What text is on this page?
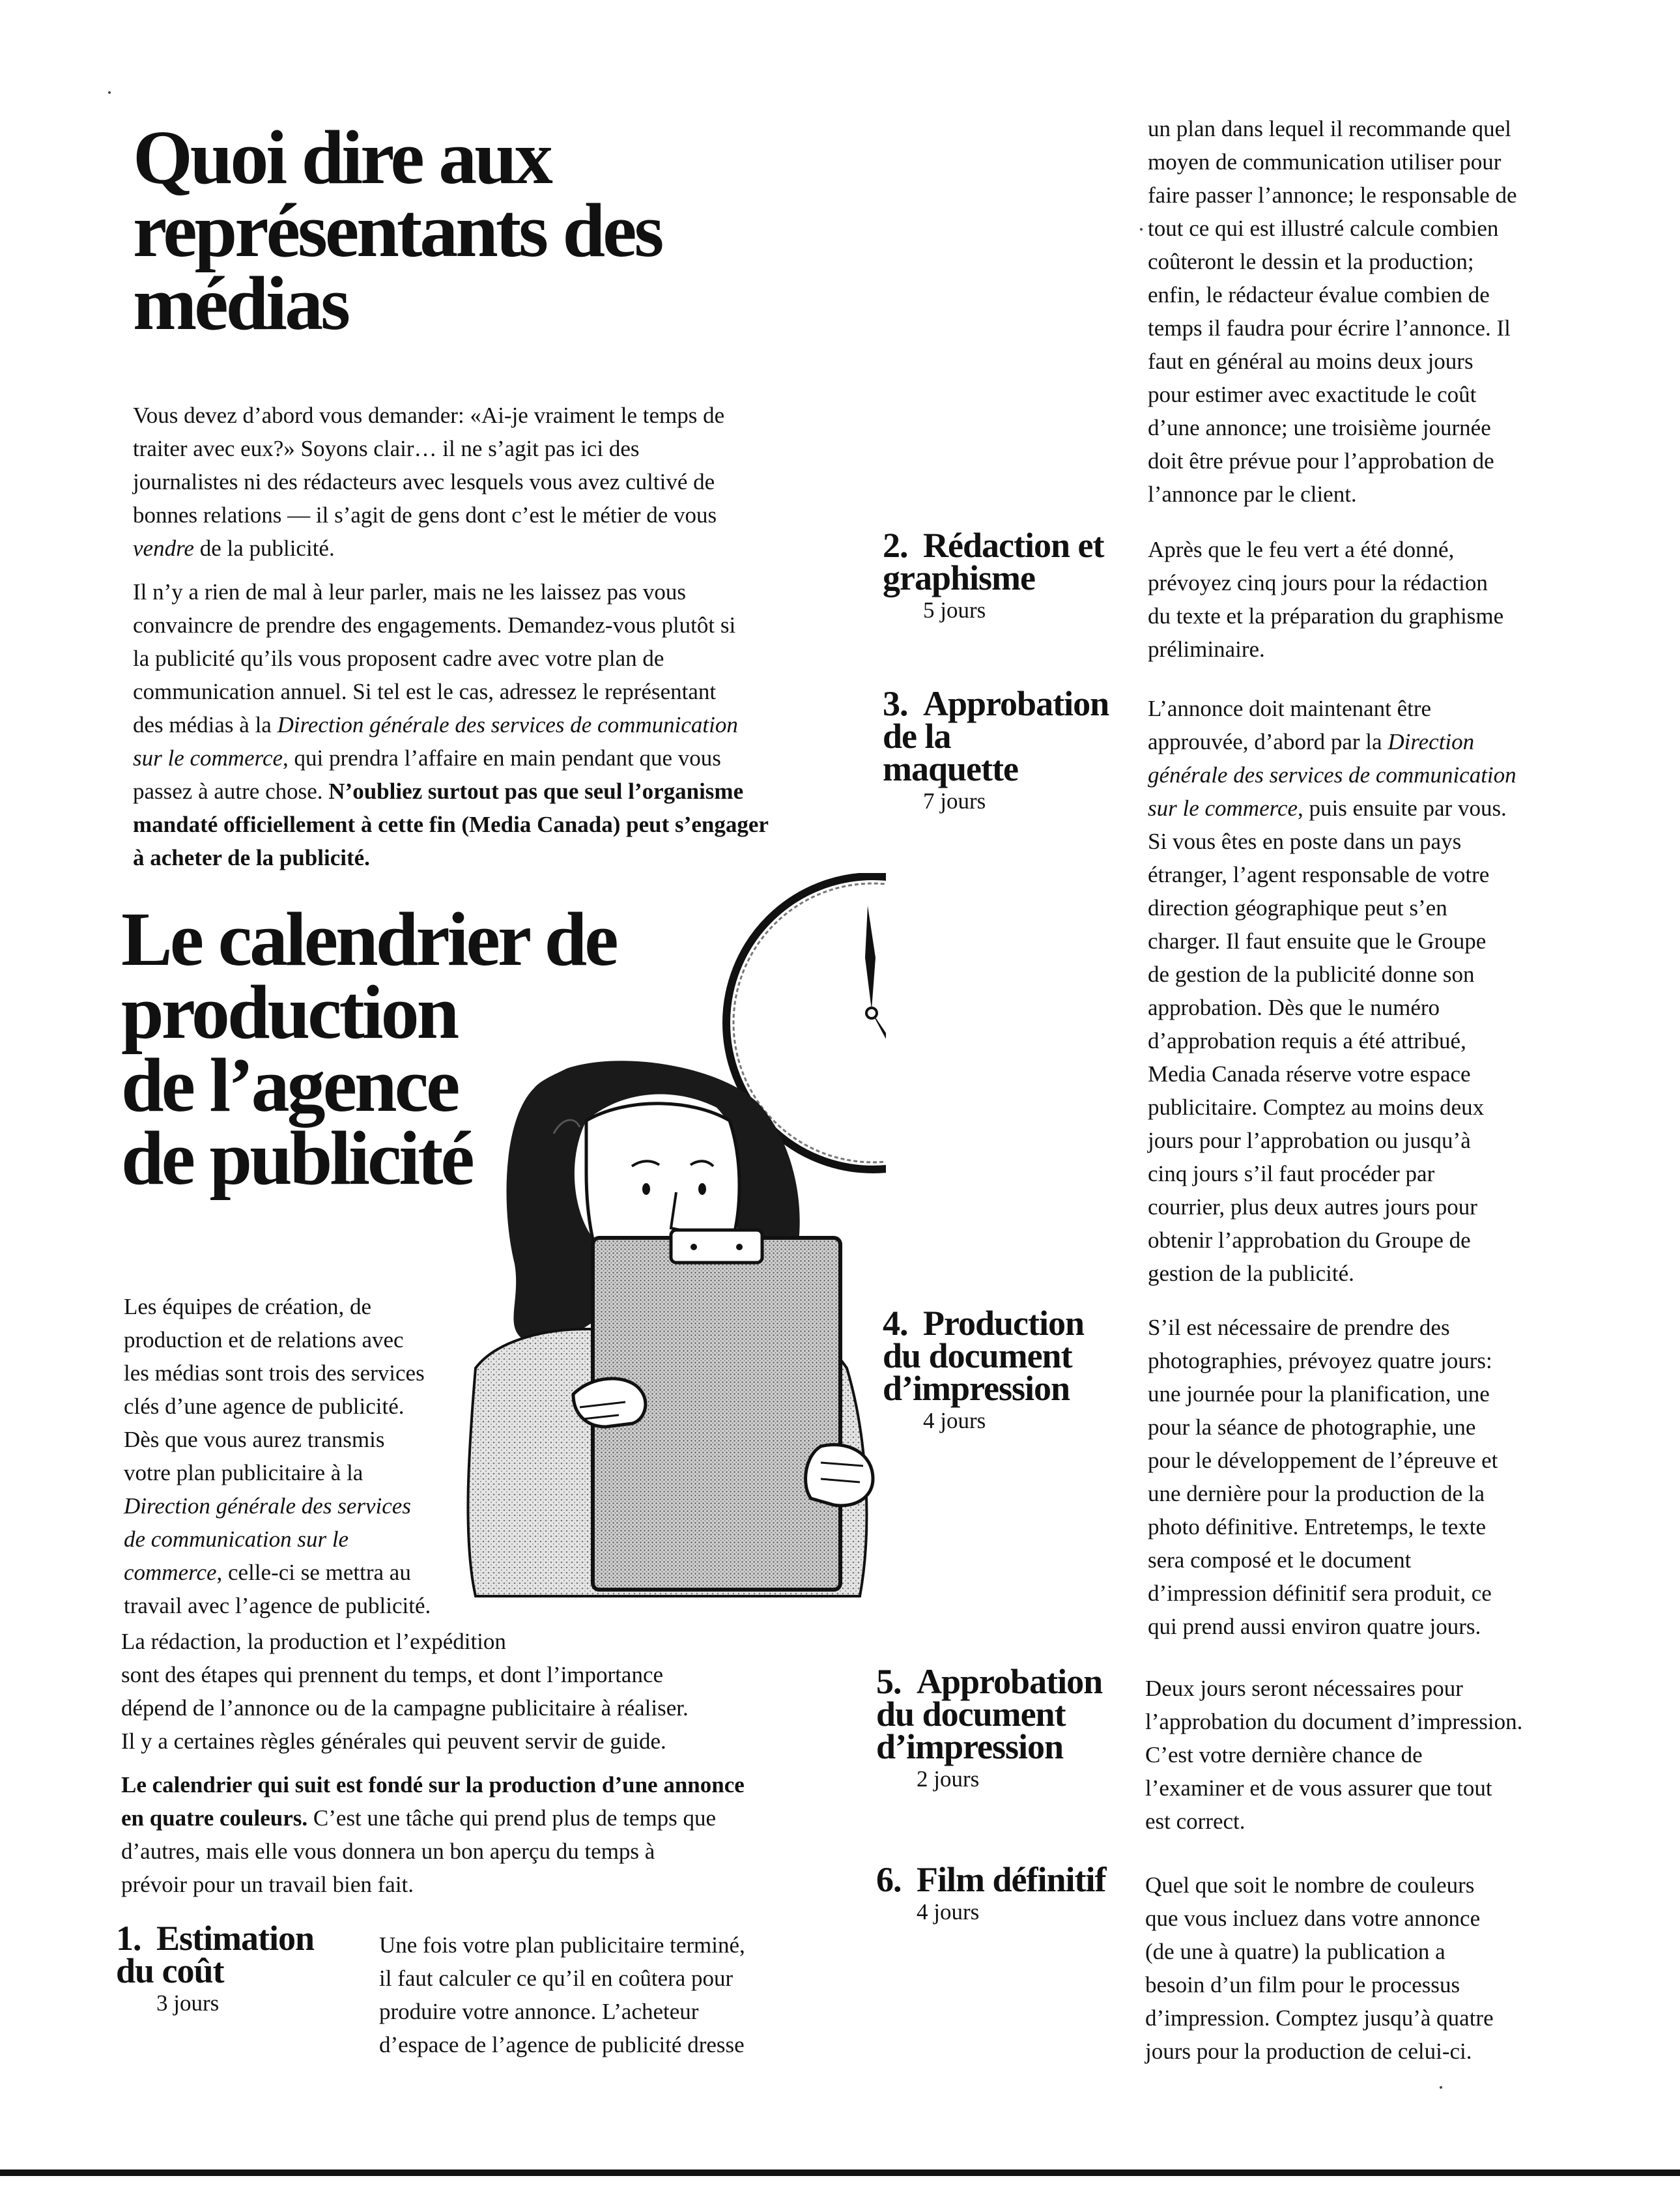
Quoi dire aux
représentants des
médias

Vous devez d’abord vous demander: «Ai-je vraiment le temps de
traiter avec eux?» Soyons clair… il ne s’agit pas ici des
journalistes ni des rédacteurs avec lesquels vous avez cultivé de
bonnes relations — il s’agit de gens dont c’est le métier de vous
vendre de la publicité.

Il n’y a rien de mal à leur parler, mais ne les laissez pas vous
convaincre de prendre des engagements. Demandez-vous plutôt si
la publicité qu’ils vous proposent cadre avec votre plan de
communication annuel. Si tel est le cas, adressez le représentant
des médias à la Direction générale des services de communication
sur le commerce, qui prendra l’affaire en main pendant que vous
passez à autre chose. N’oubliez surtout pas que seul l’organisme
mandaté officiellement à cette fin (Media Canada) peut s’engager
à acheter de la publicité.

Le calendrier de
production
de l’agence
de publicité
Les équipes de création, de
production et de relations avec
les médias sont trois des services
clés d’une agence de publicité.
Dès que vous aurez transmis
votre plan publicitaire à la
Direction générale des services
de communication sur le
commerce, celle-ci se mettra au
travail avec l’agence de publicité.

La rédaction, la production et l’expédition
sont des étapes qui prennent du temps, et dont l’importance
dépend de l’annonce ou de la campagne publicitaire à réaliser.
Il y a certaines règles générales qui peuvent servir de guide.

Le calendrier qui suit est fondé sur la production d’une annonce
en quatre couleurs. C’est une tâche qui prend plus de temps que
d’autres, mais elle vous donnera un bon aperçu du temps à
prévoir pour un travail bien fait.

1. Estimation
du coût
3 jours
Une fois votre plan publicitaire terminé,
il faut calculer ce qu’il en coûtera pour
produire votre annonce. L’acheteur
d’espace de l’agence de publicité dresse
un plan dans lequel il recommande quel
moyen de communication utiliser pour
faire passer l’annonce; le responsable de
tout ce qui est illustré calcule combien
coûteront le dessin et la production;
enfin, le rédacteur évalue combien de
temps il faudra pour écrire l’annonce. Il
faut en général au moins deux jours
pour estimer avec exactitude le coût
d’une annonce; une troisième journée
doit être prévue pour l’approbation de
l’annonce par le client.
2. Rédaction et
graphisme
5 jours
Après que le feu vert a été donné,
prévoyez cinq jours pour la rédaction
du texte et la préparation du graphisme
préliminaire.
3. Approbation
de la
maquette
7 jours
L’annonce doit maintenant être
approuvée, d’abord par la Direction
générale des services de communication
sur le commerce, puis ensuite par vous.
Si vous êtes en poste dans un pays
étranger, l’agent responsable de votre
direction géographique peut s’en
charger. Il faut ensuite que le Groupe
de gestion de la publicité donne son
approbation. Dès que le numéro
d’approbation requis a été attribué,
Media Canada réserve votre espace
publicitaire. Comptez au moins deux
jours pour l’approbation ou jusqu’à
cinq jours s’il faut procéder par
courrier, plus deux autres jours pour
obtenir l’approbation du Groupe de
gestion de la publicité.
4. Production
du document
d’impression
4 jours
S’il est nécessaire de prendre des
photographies, prévoyez quatre jours:
une journée pour la planification, une
pour la séance de photographie, une
pour le développement de l’épreuve et
une dernière pour la production de la
photo définitive. Entretemps, le texte
sera composé et le document
d’impression définitif sera produit, ce
qui prend aussi environ quatre jours.
5. Approbation
du document
d’impression
2 jours
Deux jours seront nécessaires pour
l’approbation du document d’impression.
C’est votre dernière chance de
l’examiner et de vous assurer que tout
est correct.
6. Film définitif
4 jours
Quel que soit le nombre de couleurs
que vous incluez dans votre annonce
(de une à quatre) la publication a
besoin d’un film pour le processus
d’impression. Comptez jusqu’à quatre
jours pour la production de celui-ci.
